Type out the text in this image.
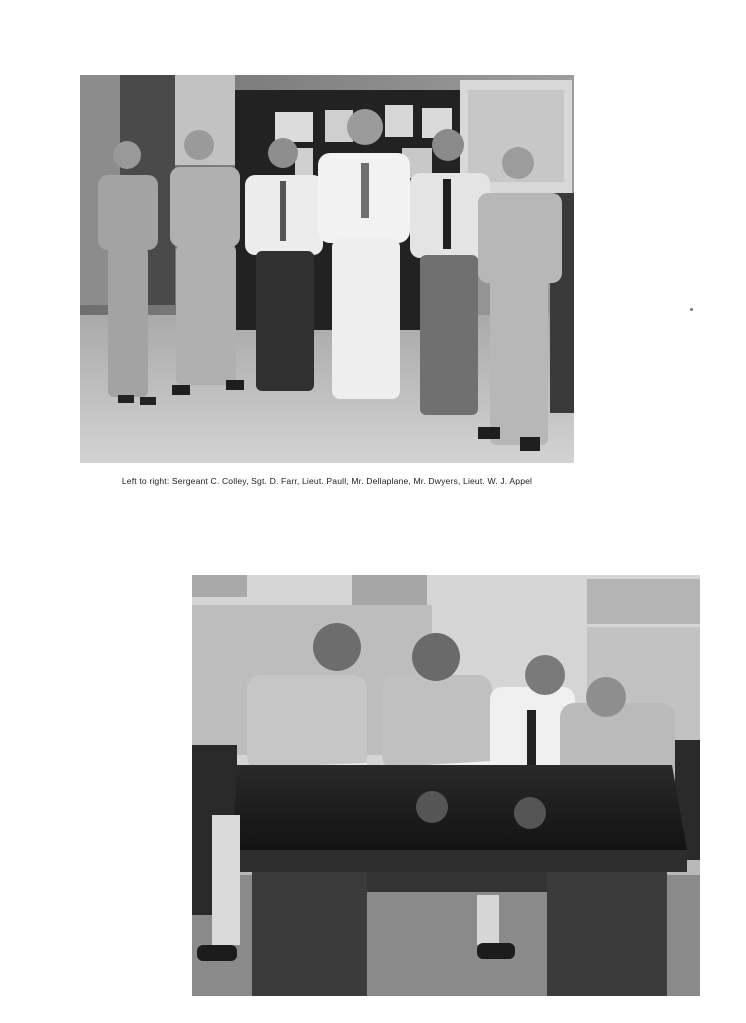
Left to right: Sergeant C. Colley, Sgt. D. Farr, Lieut. Paull, Mr. Dellaplane, Mr. Dwyers, Lieut. W. J. Appel
